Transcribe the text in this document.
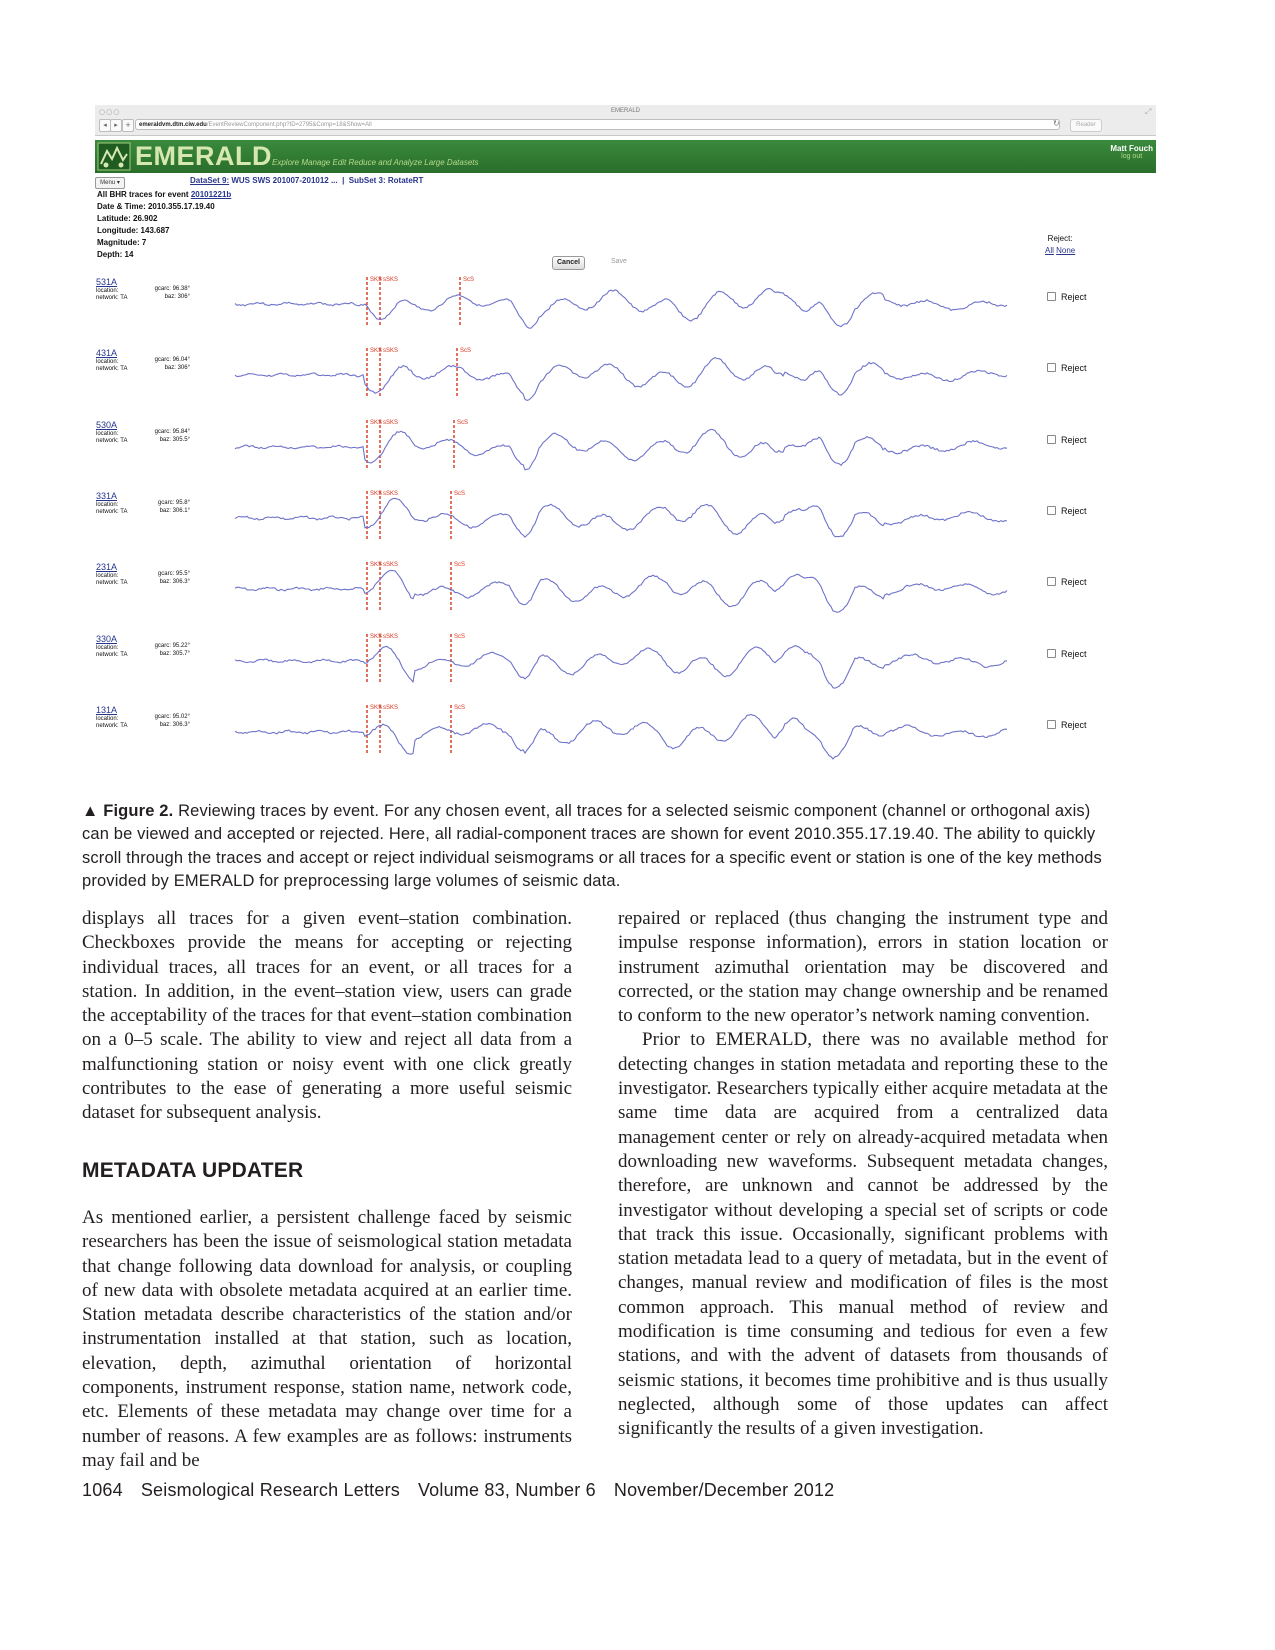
○○○	EMERALD
◂	▸	+	emeraldvm.dtm.ciw.edu/EventReviewComponent.php?ID=2795&Comp=18&Show=All	↻	Reader
⤢
EMERALD Explore Manage Edit Reduce and Analyze Large Datasets
Matt Fouch
log out
Menu ▾	DataSet 9: WUS SWS 201007-201012 ...  |  SubSet 3: RotateRT
All BHR traces for event 20101221b
Date & Time: 2010.355.17.19.40
Latitude: 26.902
Longitude: 143.687
Magnitude: 7
Depth: 14
Reject:
All None
Cancel	Save
531A
location:
network: TA
gcarc: 96.38°
baz: 306°
SKS sSKS	ScS
Reject
431A
location:
network: TA
gcarc: 96.04°
baz: 306°
SKS sSKS	ScS
Reject
530A
location:
network: TA
gcarc: 95.84°
baz: 305.5°
SKS sSKS	ScS
Reject
331A
location:
network: TA
gcarc: 95.8°
baz: 306.1°
SKS sSKS	ScS
Reject
231A
location:
network: TA
gcarc: 95.5°
baz: 306.3°
SKS sSKS	ScS
Reject
330A
location:
network: TA
gcarc: 95.22°
baz: 305.7°
SKS sSKS	ScS
Reject
131A
location:
network: TA
gcarc: 95.02°
baz: 306.3°
SKS sSKS	ScS
Reject
▲ Figure 2. Reviewing traces by event. For any chosen event, all traces for a selected seismic component (channel or orthogonal axis) can be viewed and accepted or rejected. Here, all radial-component traces are shown for event 2010.355.17.19.40. The ability to quickly scroll through the traces and accept or reject individual seismograms or all traces for a specific event or station is one of the key methods provided by EMERALD for preprocessing large volumes of seismic data.

displays all traces for a given event–station combination. Checkboxes provide the means for accepting or rejecting individual traces, all traces for an event, or all traces for a station. In addition, in the event–station view, users can grade the acceptability of the traces for that event–station combination on a 0–5 scale. The ability to view and reject all data from a malfunctioning station or noisy event with one click greatly contributes to the ease of generating a more useful seismic dataset for subsequent analysis.

METADATA UPDATER

As mentioned earlier, a persistent challenge faced by seismic researchers has been the issue of seismological station metadata that change following data download for analysis, or coupling of new data with obsolete metadata acquired at an earlier time. Station metadata describe characteristics of the station and/or instrumentation installed at that station, such as location, elevation, depth, azimuthal orientation of horizontal components, instrument response, station name, network code, etc. Elements of these metadata may change over time for a number of reasons. A few examples are as follows: instruments may fail and be

repaired or replaced (thus changing the instrument type and impulse response information), errors in station location or instrument azimuthal orientation may be discovered and corrected, or the station may change ownership and be renamed to conform to the new operator’s network naming convention.

Prior to EMERALD, there was no available method for detecting changes in station metadata and reporting these to the investigator. Researchers typically either acquire metadata at the same time data are acquired from a centralized data management center or rely on already-acquired metadata when downloading new waveforms. Subsequent metadata changes, therefore, are unknown and cannot be addressed by the investigator without developing a special set of scripts or code that track this issue. Occasionally, significant problems with station metadata lead to a query of metadata, but in the event of changes, manual review and modification of files is the most common approach. This manual method of review and modification is time consuming and tedious for even a few stations, and with the advent of datasets from thousands of seismic stations, it becomes time prohibitive and is thus usually neglected, although some of those updates can affect significantly the results of a given investigation.

1064 Seismological Research Letters Volume 83, Number 6 November/December 2012
